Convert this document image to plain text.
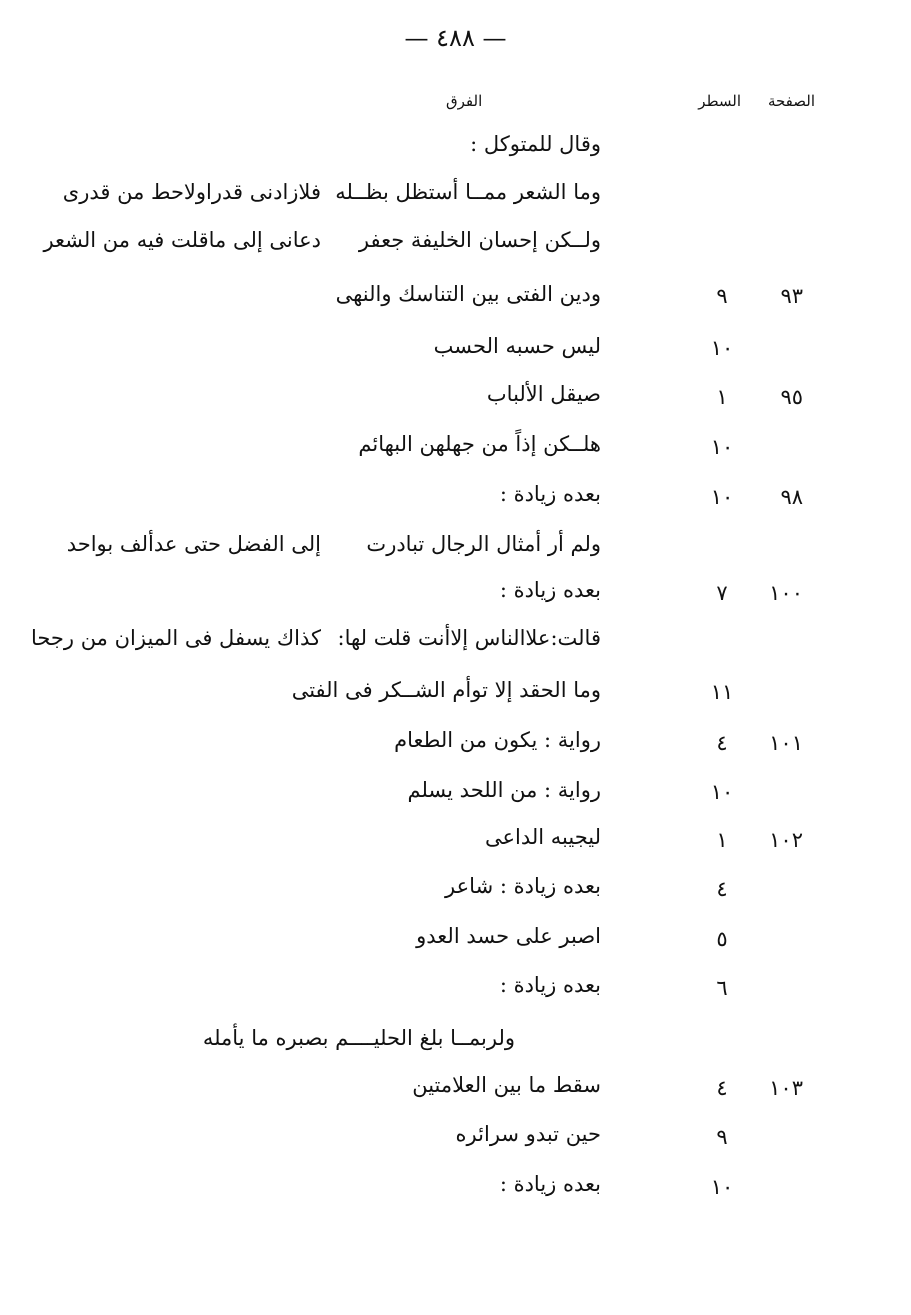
— ٤٨٨ —
الصفحة
السطر
الفرق
وقال للمتوكل :
وما الشعر ممــا أستظل بظــله
فلازادنى قدراولاحط من قدرى
ولــكن إحسان الخليفة جعفر
دعانى إلى ماقلت فيه من الشعر
٩٣
٩
ودين الفتى بين التناسك والنهى
١٠
ليس حسبه الحسب
٩٥
١
صيقل الألباب
١٠
هلــكن إذاً من جهلهن البهائم
٩٨
١٠
بعده زيادة :
ولم أر أمثال الرجال تبادرت
إلى الفضل حتى عدألف بواحد
١٠٠
٧
بعده زيادة :
قالت:علاالناس إلاأنت قلت لها:
كذاك يسفل فى الميزان من رجحا
١١
وما الحقد إلا توأم الشــكر فى الفتى
١٠١
٤
رواية : يكون من الطعام
١٠
رواية : من اللحد يسلم
١٠٢
١
ليجيبه الداعى
٤
بعده زيادة : شاعر
٥
اصبر على حسد العدو
٦
بعده زيادة :
ولربمــا بلغ الحليــــم بصبره ما يأمله
١٠٣
٤
سقط ما بين العلامتين
٩
حين تبدو سرائره
١٠
بعده زيادة :
